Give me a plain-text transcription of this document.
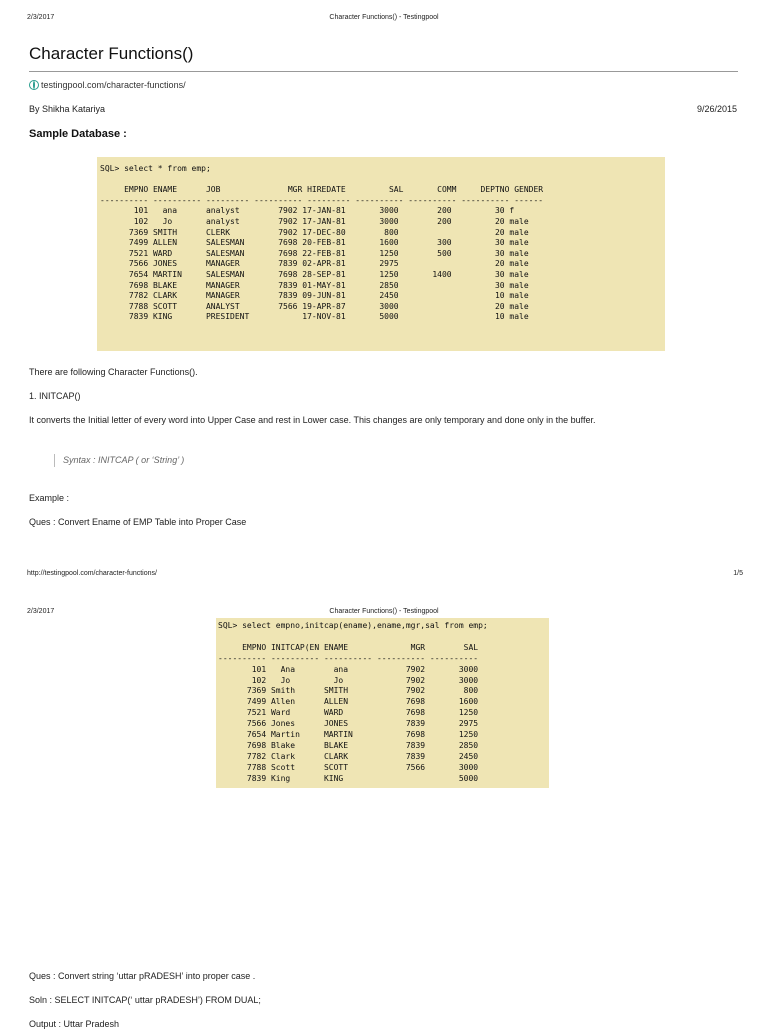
2/3/2017	Character Functions() - Testingpool
Character Functions()
testingpool.com/character-functions/
By Shikha Katariya	9/26/2015
Sample Database :
SQL> select * from emp;

EMPNO ENAME      JOB              MGR HIREDATE         SAL       COMM     DEPTNO GENDER
---------- ---------- --------- ---------- --------- ---------- ---------- ---------- ------
101   ana      analyst        7902 17-JAN-81       3000        200         30 f
102   Jo       analyst        7902 17-JAN-81       3000        200         20 male
7369 SMITH      CLERK          7902 17-DEC-80        800                    20 male
7499 ALLEN      SALESMAN       7698 20-FEB-81       1600        300         30 male
7521 WARD       SALESMAN       7698 22-FEB-81       1250        500         30 male
7566 JONES      MANAGER        7839 02-APR-81       2975                    20 male
7654 MARTIN     SALESMAN       7698 28-SEP-81       1250       1400         30 male
7698 BLAKE      MANAGER        7839 01-MAY-81       2850                    30 male
7782 CLARK      MANAGER        7839 09-JUN-81       2450                    10 male
7788 SCOTT      ANALYST        7566 19-APR-87       3000                    20 male
7839 KING       PRESIDENT           17-NOV-81       5000                    10 male
There are following Character Functions().
1. INITCAP()
It converts the Initial letter of every word into Upper Case and rest in Lower case. This changes are only temporary and done only in the buffer.
Syntax : INITCAP ( or ‘String’ )
Example :
Ques : Convert Ename of EMP Table into Proper Case
http://testingpool.com/character-functions/	1/5
2/3/2017	Character Functions() - Testingpool
SQL> select empno,initcap(ename),ename,mgr,sal from emp;

EMPNO INITCAP(EN ENAME             MGR        SAL
---------- ---------- ---------- ---------- ----------
101   Ana        ana            7902       3000
102   Jo         Jo             7902       3000
7369 Smith      SMITH            7902        800
7499 Allen      ALLEN            7698       1600
7521 Ward       WARD             7698       1250
7566 Jones      JONES            7839       2975
7654 Martin     MARTIN           7698       1250
7698 Blake      BLAKE            7839       2850
7782 Clark      CLARK            7839       2450
7788 Scott      SCOTT            7566       3000
7839 King       KING                        5000
Ques : Convert string ‘uttar pRADESH’ into proper case .
Soln : SELECT INITCAP(‘ uttar pRADESH’) FROM DUAL;
Output : Uttar Pradesh
